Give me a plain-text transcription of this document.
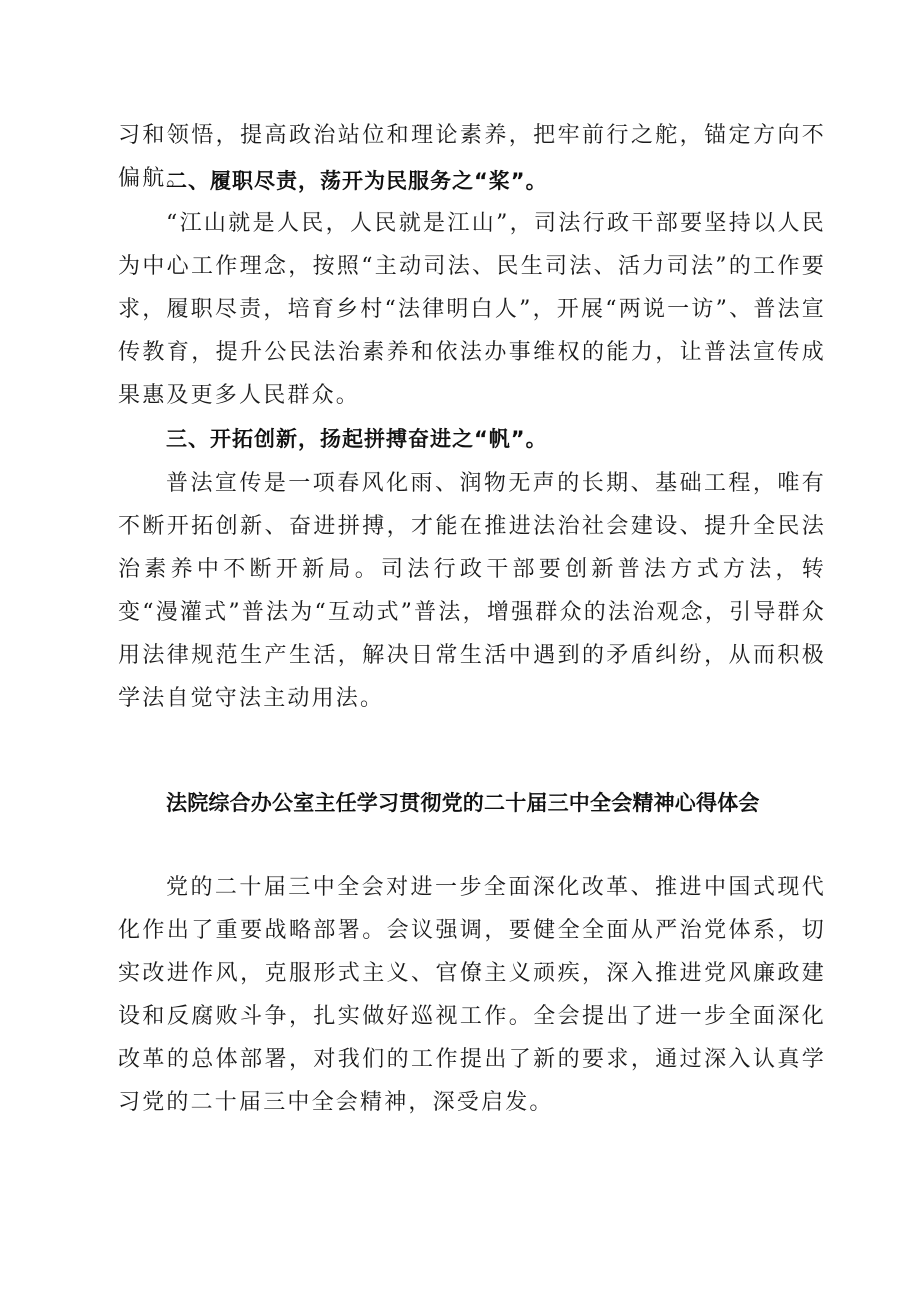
习和领悟，提高政治站位和理论素养，把牢前行之舵，锚定方向不偏航。

二、履职尽责，荡开为民服务之“桨”。

“江山就是人民，人民就是江山”，司法行政干部要坚持以人民为中心工作理念，按照“主动司法、民生司法、活力司法”的工作要求，履职尽责，培育乡村“法律明白人”，开展“两说一访”、普法宣传教育，提升公民法治素养和依法办事维权的能力，让普法宣传成果惠及更多人民群众。

三、开拓创新，扬起拼搏奋进之“帆”。

普法宣传是一项春风化雨、润物无声的长期、基础工程，唯有不断开拓创新、奋进拼搏，才能在推进法治社会建设、提升全民法治素养中不断开新局。司法行政干部要创新普法方式方法，转变“漫灌式”普法为“互动式”普法，增强群众的法治观念，引导群众用法律规范生产生活，解决日常生活中遇到的矛盾纠纷，从而积极学法自觉守法主动用法。

法院综合办公室主任学习贯彻党的二十届三中全会精神心得体会

党的二十届三中全会对进一步全面深化改革、推进中国式现代化作出了重要战略部署。会议强调，要健全全面从严治党体系，切实改进作风，克服形式主义、官僚主义顽疾，深入推进党风廉政建设和反腐败斗争，扎实做好巡视工作。全会提出了进一步全面深化改革的总体部署，对我们的工作提出了新的要求，通过深入认真学习党的二十届三中全会精神，深受启发。
